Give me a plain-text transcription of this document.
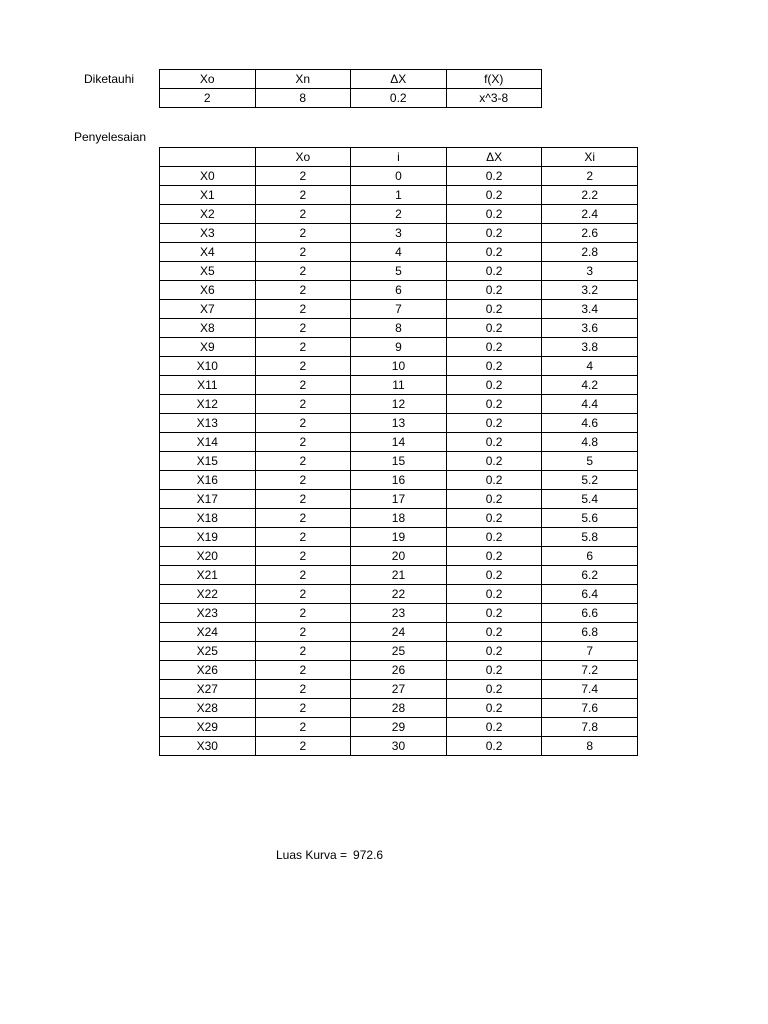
Diketauhi	Xo	Xn	ΔX	f(X)
2	8	0.2	x^3-8
Penyelesaian
	Xo	i	ΔX	Xi
X0	2	0	0.2	2
X1	2	1	0.2	2.2
X2	2	2	0.2	2.4
X3	2	3	0.2	2.6
X4	2	4	0.2	2.8
X5	2	5	0.2	3
X6	2	6	0.2	3.2
X7	2	7	0.2	3.4
X8	2	8	0.2	3.6
X9	2	9	0.2	3.8
X10	2	10	0.2	4
X11	2	11	0.2	4.2
X12	2	12	0.2	4.4
X13	2	13	0.2	4.6
X14	2	14	0.2	4.8
X15	2	15	0.2	5
X16	2	16	0.2	5.2
X17	2	17	0.2	5.4
X18	2	18	0.2	5.6
X19	2	19	0.2	5.8
X20	2	20	0.2	6
X21	2	21	0.2	6.2
X22	2	22	0.2	6.4
X23	2	23	0.2	6.6
X24	2	24	0.2	6.8
X25	2	25	0.2	7
X26	2	26	0.2	7.2
X27	2	27	0.2	7.4
X28	2	28	0.2	7.6
X29	2	29	0.2	7.8
X30	2	30	0.2	8
Luas Kurva = 972.6
